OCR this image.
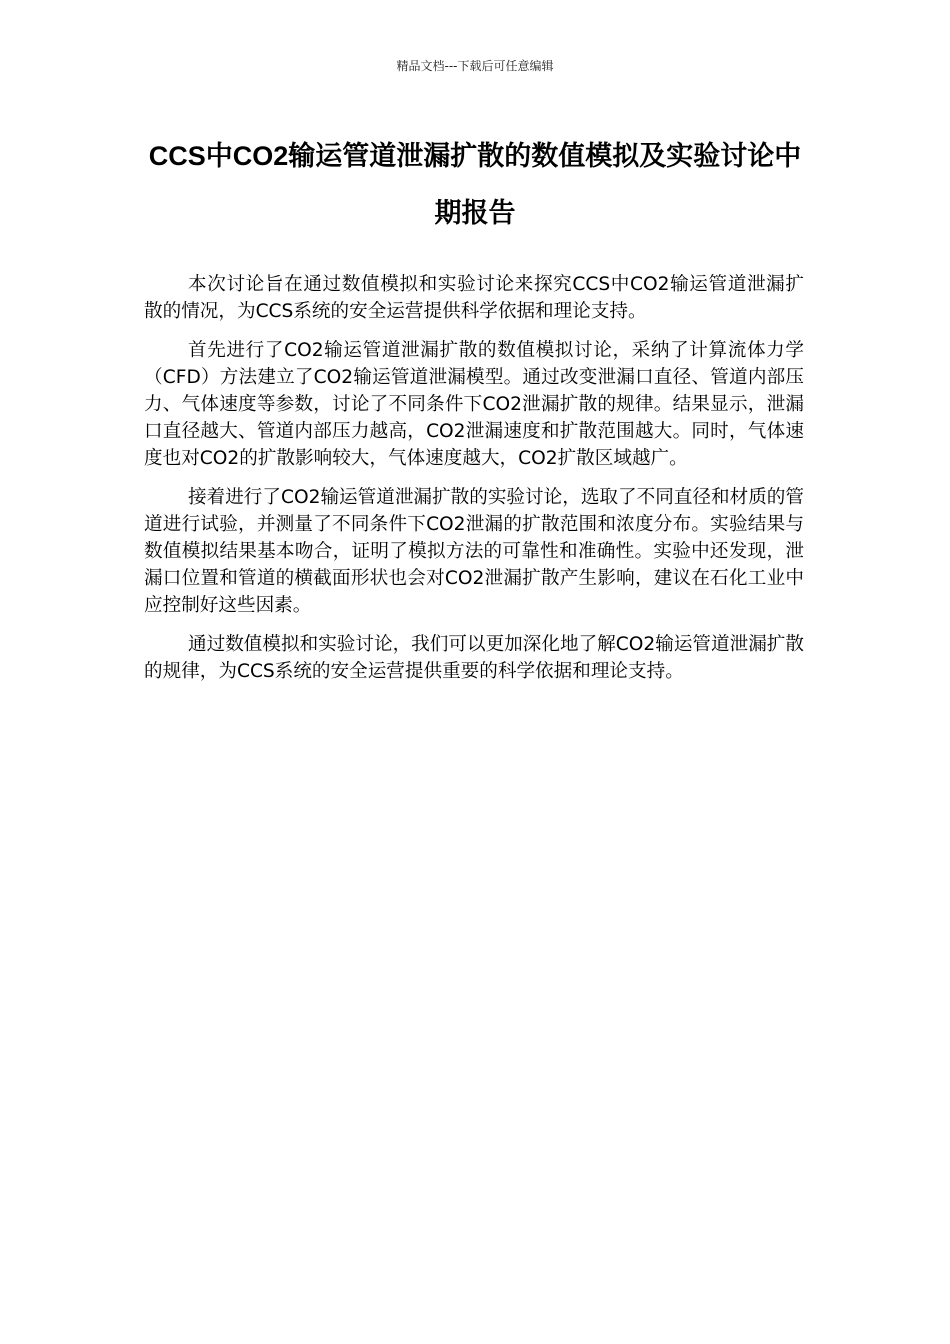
精品文档---下载后可任意编辑
CCS中CO2输运管道泄漏扩散的数值模拟及实验讨论中期报告

本次讨论旨在通过数值模拟和实验讨论来探究CCS中CO2输运管道泄漏扩散的情况，为CCS系统的安全运营提供科学依据和理论支持。

首先进行了CO2输运管道泄漏扩散的数值模拟讨论，采纳了计算流体力学（CFD）方法建立了CO2输运管道泄漏模型。通过改变泄漏口直径、管道内部压力、气体速度等参数，讨论了不同条件下CO2泄漏扩散的规律。结果显示，泄漏口直径越大、管道内部压力越高，CO2泄漏速度和扩散范围越大。同时，气体速度也对CO2的扩散影响较大，气体速度越大，CO2扩散区域越广。

接着进行了CO2输运管道泄漏扩散的实验讨论，选取了不同直径和材质的管道进行试验，并测量了不同条件下CO2泄漏的扩散范围和浓度分布。实验结果与数值模拟结果基本吻合，证明了模拟方法的可靠性和准确性。实验中还发现，泄漏口位置和管道的横截面形状也会对CO2泄漏扩散产生影响，建议在石化工业中应控制好这些因素。

通过数值模拟和实验讨论，我们可以更加深化地了解CO2输运管道泄漏扩散的规律，为CCS系统的安全运营提供重要的科学依据和理论支持。
